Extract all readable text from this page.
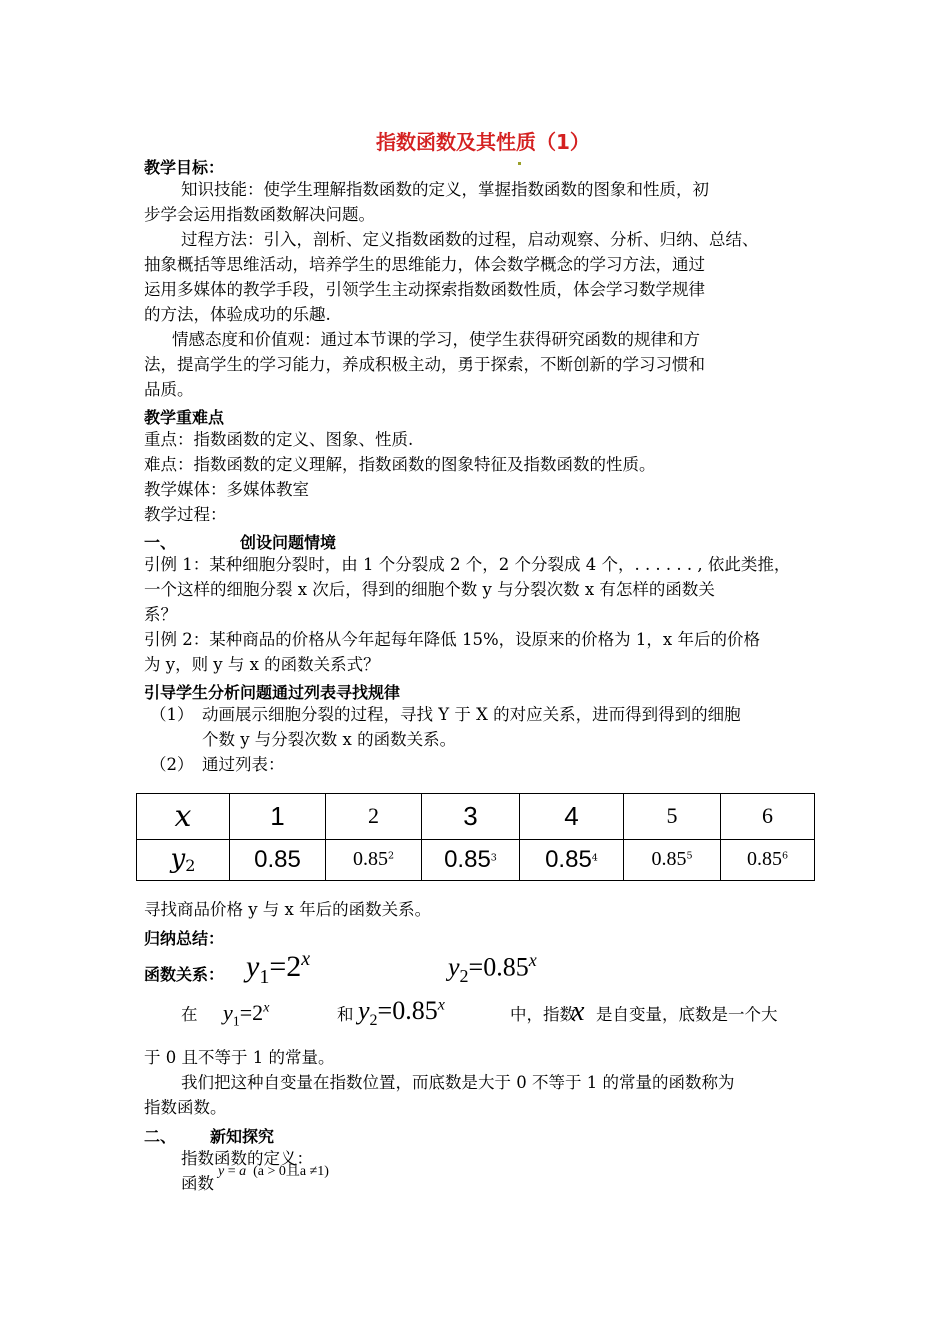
指数函数及其性质（1）
教学目标：
知识技能：使学生理解指数函数的定义，掌握指数函数的图象和性质，初
步学会运用指数函数解决问题。
过程方法：引入，剖析、定义指数函数的过程，启动观察、分析、归纳、总结、
抽象概括等思维活动，培养学生的思维能力，体会数学概念的学习方法，通过
运用多媒体的教学手段，引领学生主动探索指数函数性质，体会学习数学规律
的方法，体验成功的乐趣.
情感态度和价值观：通过本节课的学习，使学生获得研究函数的规律和方
法，提高学生的学习能力，养成积极主动，勇于探索，不断创新的学习习惯和
品质。
教学重难点
重点：指数函数的定义、图象、性质.
难点：指数函数的定义理解，指数函数的图象特征及指数函数的性质。
教学媒体：多媒体教室
教学过程：
一、	创设问题情境
引例 1：某种细胞分裂时，由 1 个分裂成 2 个，2 个分裂成 4 个，. . . . . . , 依此类推，
一个这样的细胞分裂 x 次后，得到的细胞个数 y 与分裂次数 x 有怎样的函数关
系？
引例 2：某种商品的价格从今年起每年降低 15%，设原来的价格为 1，x 年后的价格
为 y，则 y 与 x 的函数关系式？
引导学生分析问题通过列表寻找规律
（1） 动画展示细胞分裂的过程，寻找 Y 于 X 的对应关系，进而得到得到的细胞
个数 y 与分裂次数 x 的函数关系。
（2） 通过列表：
x	1	2	3	4	5	6
$y_2$	0.85	0.85$^2$	0.85$^3$	0.85$^4$	0.85$^5$	0.85$^6$
寻找商品价格 y 与 x 年后的函数关系。
归纳总结：
函数关系： $y_1=2^x$	$y_2=0.85^x$
在 $y_1=2^x$	和 $y_2=0.85^x$
中，指数
x 是自变量，底数是一个大
于 0 且不等于 1 的常量。
我们把这种自变量在指数位置，而底数是大于 0 不等于 1 的常量的函数称为
指数函数。
二、 新知探究
指数函数的定义：
函数
y = a (a > 0且a ≠1)
